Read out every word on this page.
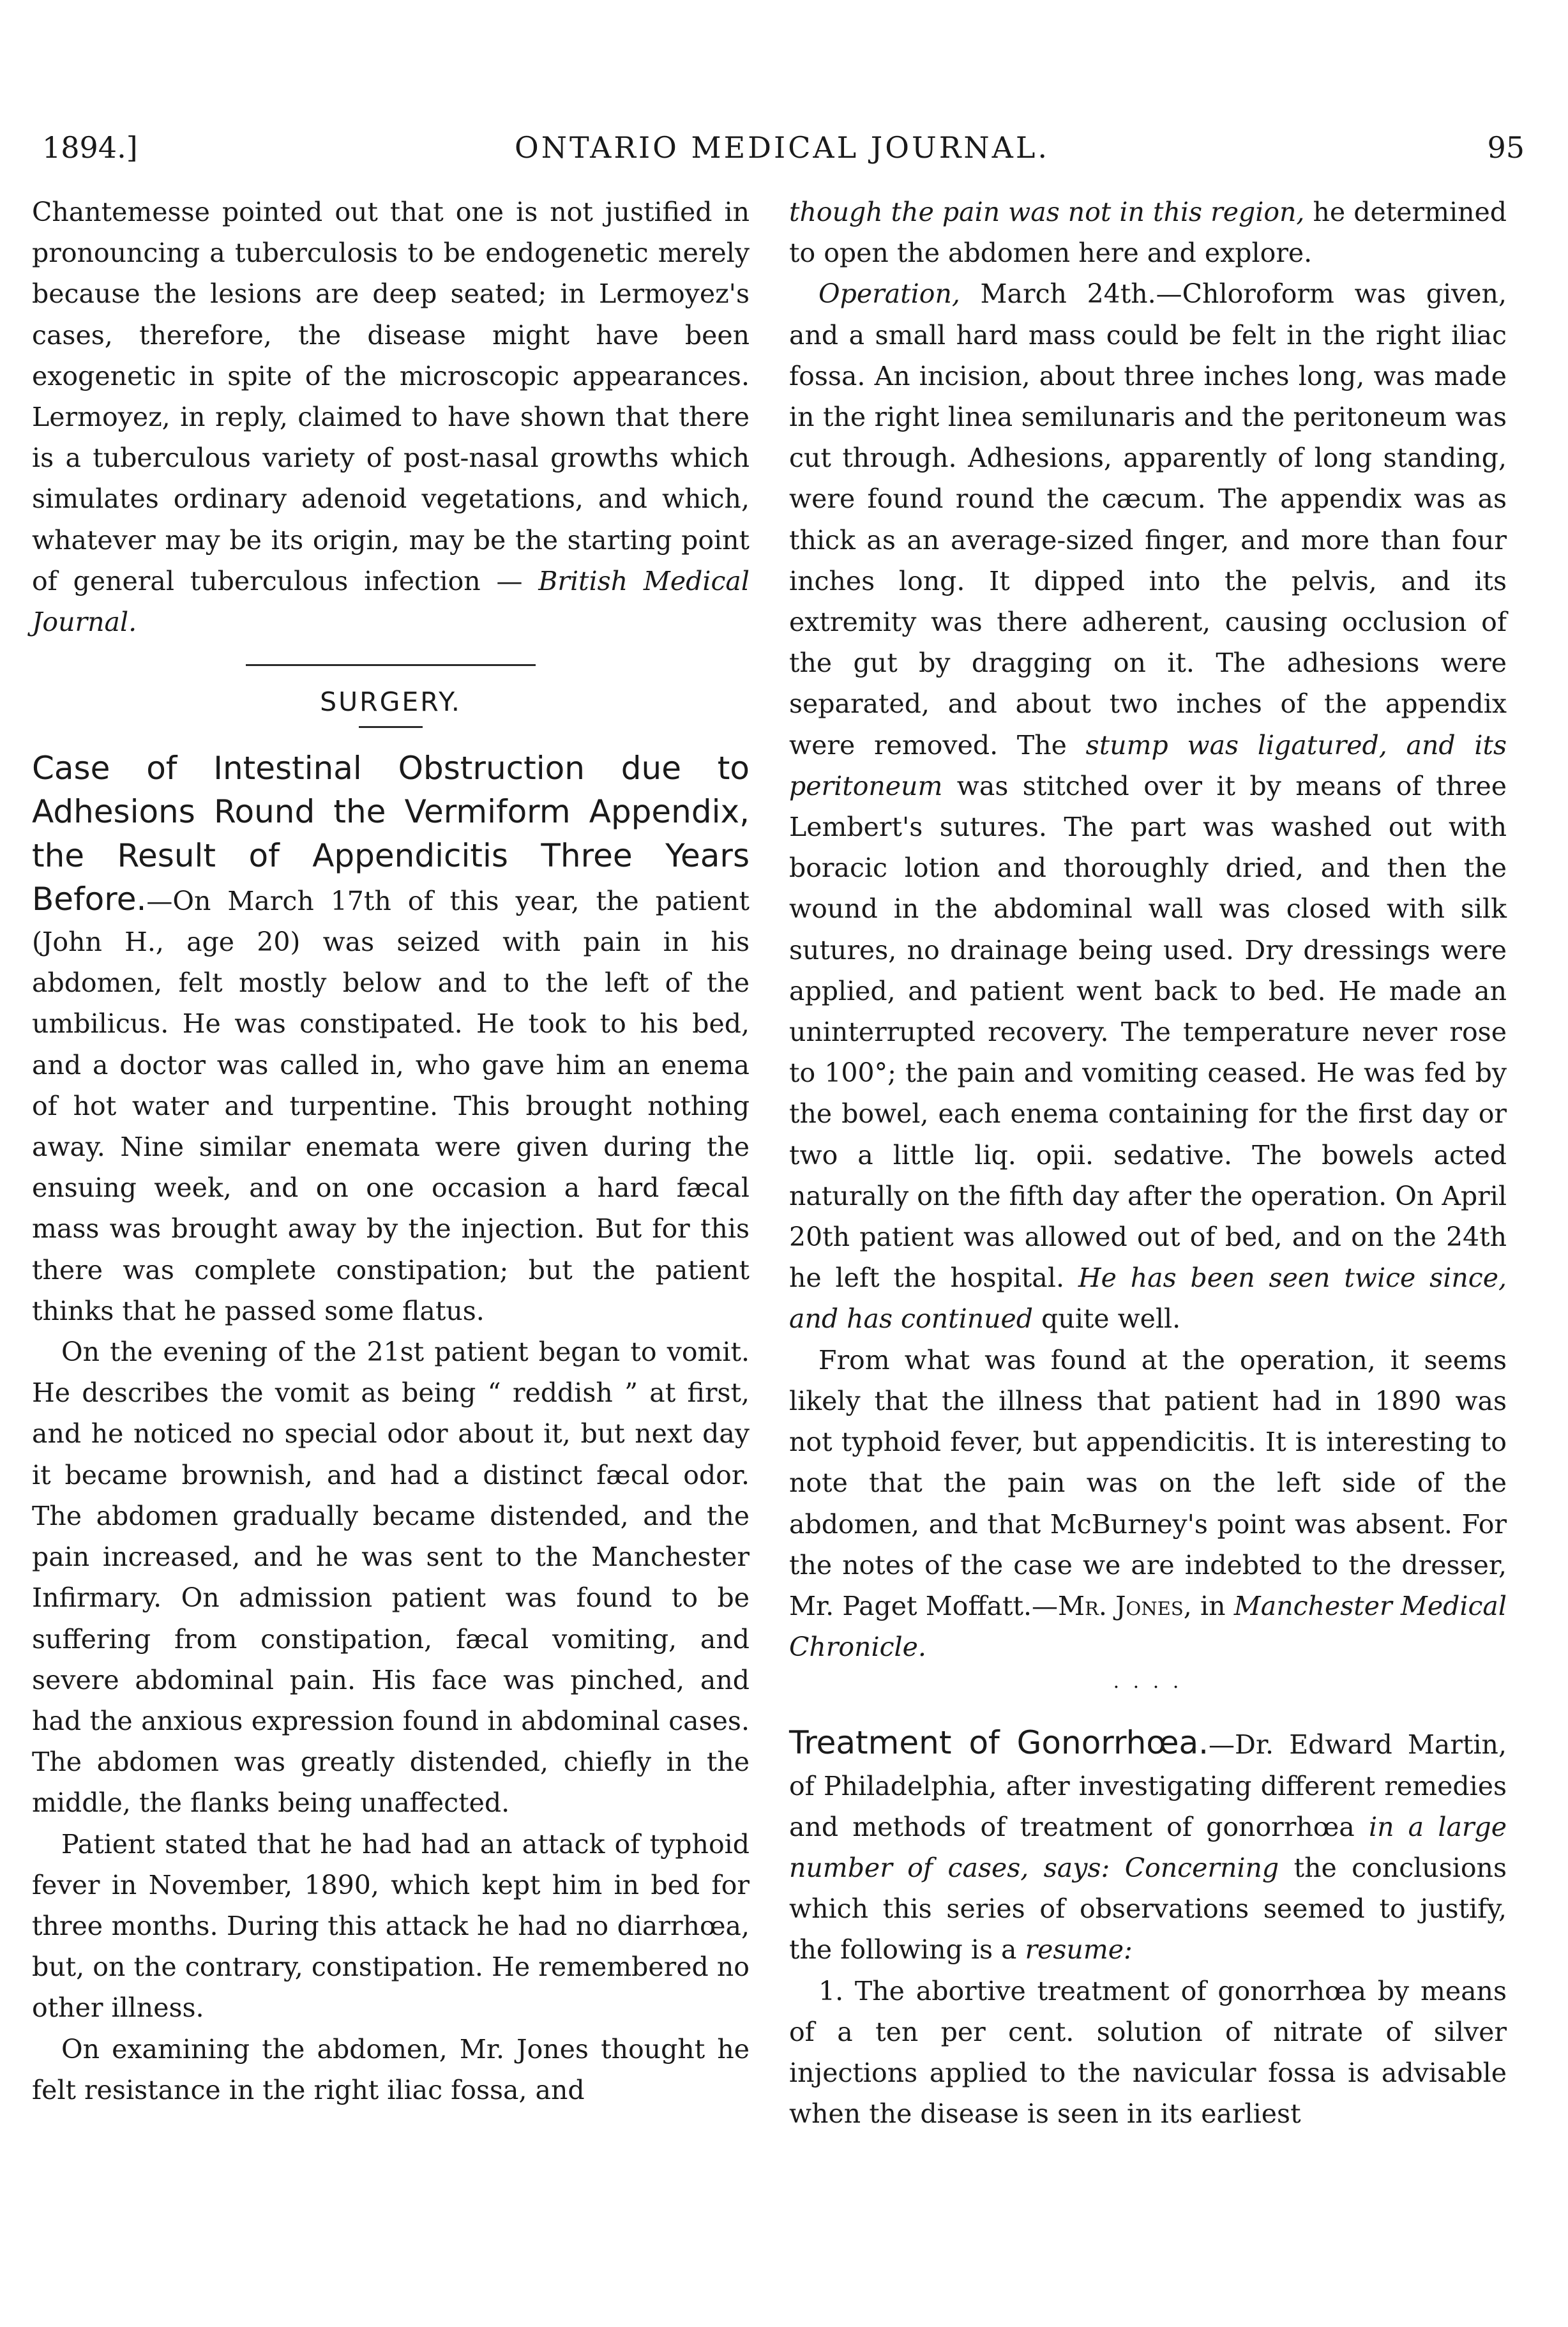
1894.]	ONTARIO MEDICAL JOURNAL.	95

Chantemesse pointed out that one is not justified in pronouncing a tuberculosis to be endogenetic merely because the lesions are deep seated; in Lermoyez's cases, therefore, the disease might have been exogenetic in spite of the microscopic appearances. Lermoyez, in reply, claimed to have shown that there is a tuberculous variety of post-nasal growths which simulates ordinary adenoid vegetations, and which, whatever may be its origin, may be the starting point of general tuberculous infection — British Medical Journal.

SURGERY.

Case of Intestinal Obstruction due to Adhesions Round the Vermiform Appendix, the Result of Appendicitis Three Years Before.—On March 17th of this year, the patient (John H., age 20) was seized with pain in his abdomen, felt mostly below and to the left of the umbilicus. He was constipated. He took to his bed, and a doctor was called in, who gave him an enema of hot water and turpentine. This brought nothing away. Nine similar enemata were given during the ensuing week, and on one occasion a hard fæcal mass was brought away by the injection. But for this there was complete constipation; but the patient thinks that he passed some flatus.

On the evening of the 21st patient began to vomit. He describes the vomit as being “ reddish ” at first, and he noticed no special odor about it, but next day it became brownish, and had a distinct fæcal odor. The abdomen gradually became distended, and the pain increased, and he was sent to the Manchester Infirmary. On admission patient was found to be suffering from constipation, fæcal vomiting, and severe abdominal pain. His face was pinched, and had the anxious expression found in abdominal cases. The abdomen was greatly distended, chiefly in the middle, the flanks being unaffected.

Patient stated that he had had an attack of typhoid fever in November, 1890, which kept him in bed for three months. During this attack he had no diarrhœa, but, on the contrary, constipation. He remembered no other illness.

On examining the abdomen, Mr. Jones thought he felt resistance in the right iliac fossa, and

though the pain was not in this region, he determined to open the abdomen here and explore.

Operation, March 24th.—Chloroform was given, and a small hard mass could be felt in the right iliac fossa. An incision, about three inches long, was made in the right linea semilunaris and the peritoneum was cut through. Adhesions, apparently of long standing, were found round the cæcum. The appendix was as thick as an average-sized finger, and more than four inches long. It dipped into the pelvis, and its extremity was there adherent, causing occlusion of the gut by dragging on it. The adhesions were separated, and about two inches of the appendix were removed. The stump was ligatured, and its peritoneum was stitched over it by means of three Lembert's sutures. The part was washed out with boracic lotion and thoroughly dried, and then the wound in the abdominal wall was closed with silk sutures, no drainage being used. Dry dressings were applied, and patient went back to bed. He made an uninterrupted recovery. The temperature never rose to 100°; the pain and vomiting ceased. He was fed by the bowel, each enema containing for the first day or two a little liq. opii. sedative. The bowels acted naturally on the fifth day after the operation. On April 20th patient was allowed out of bed, and on the 24th he left the hospital. He has been seen twice since, and has continued quite well.

From what was found at the operation, it seems likely that the illness that patient had in 1890 was not typhoid fever, but appendicitis. It is interesting to note that the pain was on the left side of the abdomen, and that McBurney's point was absent. For the notes of the case we are indebted to the dresser, Mr. Paget Moffatt.—Mr. Jones, in Manchester Medical Chronicle.

· · · ·

Treatment of Gonorrhœa.—Dr. Edward Martin, of Philadelphia, after investigating different remedies and methods of treatment of gonorrhœa in a large number of cases, says: Concerning the conclusions which this series of observations seemed to justify, the following is a resume:

1. The abortive treatment of gonorrhœa by means of a ten per cent. solution of nitrate of silver injections applied to the navicular fossa is advisable when the disease is seen in its earliest
